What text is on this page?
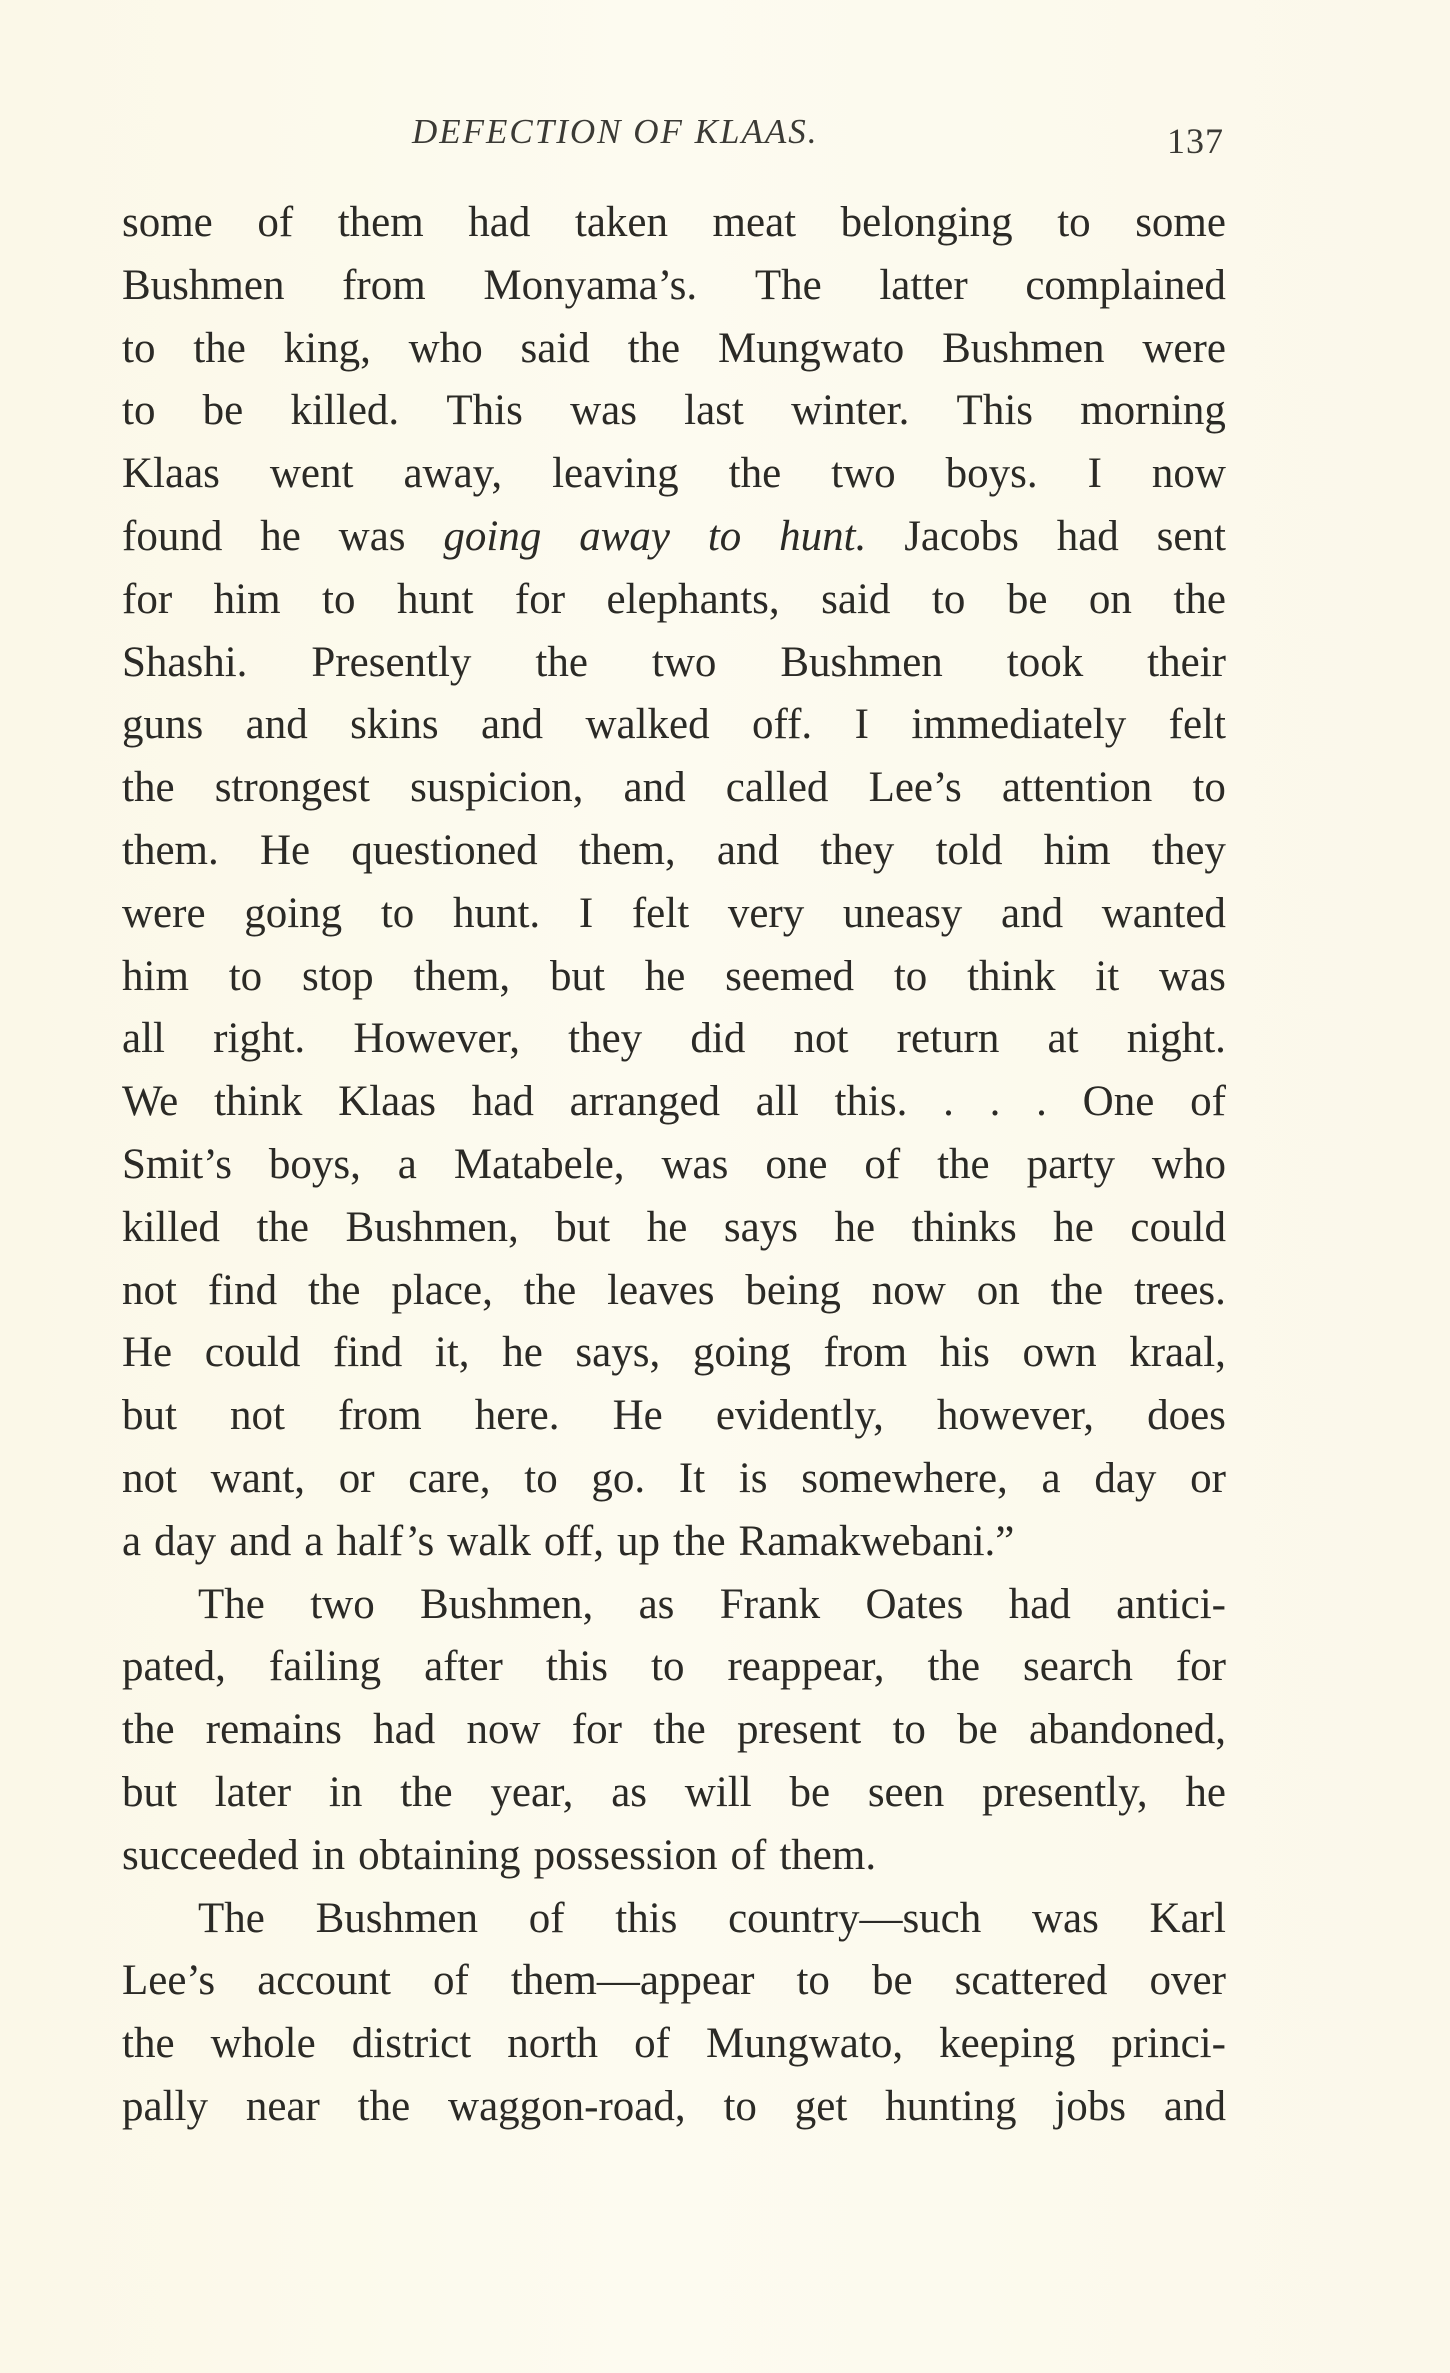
DEFECTION OF KLAAS.	137
some of them had taken meat belonging to some
Bushmen from Monyama’s. The latter complained
to the king, who said the Mungwato Bushmen were
to be killed. This was last winter. This morning
Klaas went away, leaving the two boys. I now
found he was going away to hunt. Jacobs had sent
for him to hunt for elephants, said to be on the
Shashi. Presently the two Bushmen took their
guns and skins and walked off. I immediately felt
the strongest suspicion, and called Lee’s attention to
them. He questioned them, and they told him they
were going to hunt. I felt very uneasy and wanted
him to stop them, but he seemed to think it was
all right. However, they did not return at night.
We think Klaas had arranged all this. . . . One of
Smit’s boys, a Matabele, was one of the party who
killed the Bushmen, but he says he thinks he could
not find the place, the leaves being now on the trees.
He could find it, he says, going from his own kraal,
but not from here. He evidently, however, does
not want, or care, to go. It is somewhere, a day or
a day and a half’s walk off, up the Ramakwebani.”
The two Bushmen, as Frank Oates had antici-
pated, failing after this to reappear, the search for
the remains had now for the present to be abandoned,
but later in the year, as will be seen presently, he
succeeded in obtaining possession of them.
The Bushmen of this country—such was Karl
Lee’s account of them—appear to be scattered over
the whole district north of Mungwato, keeping princi-
pally near the waggon-road, to get hunting jobs and
